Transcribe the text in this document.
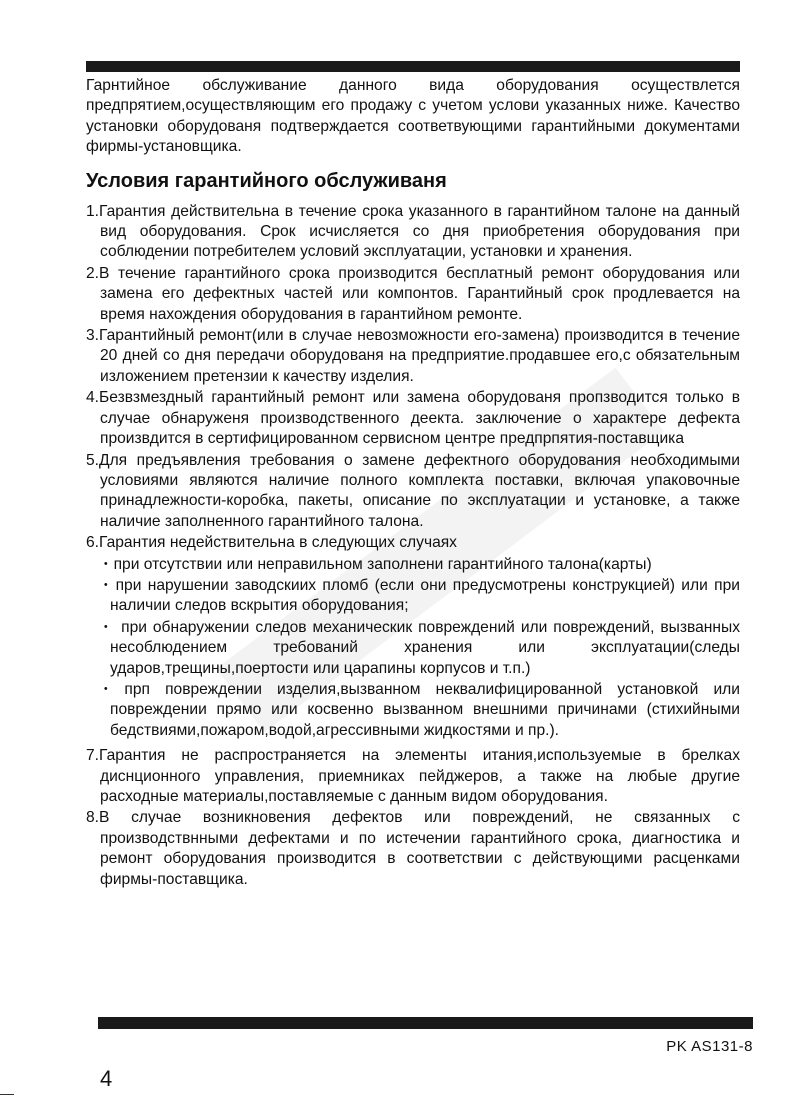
Гарнтийное обслуживание данного вида оборудования осуществлется предпрятием,осуществляющим его продажу с учетом услови указанных ниже. Качество установки оборудованя подтверждается соответвующими гарантийными документами фирмы-установщика.

Условия гарантийного обслуживаня
1.Гарантия действительна в течение срока указанного в гарантийном талоне на данный вид оборудования. Срок исчисляется со дня приобретения оборудования при соблюдении потребителем условий эксплуатации, установки и хранения.
2.В течение гарантийного срока производится бесплатный ремонт оборудования или замена его дефектных частей или компонтов. Гарантийный срок продлевается на время нахождения оборудования в гарантийном ремонте.
3.Гарантийный ремонт(или в случае невозможности его-замена) производится в течение 20 дней со дня передачи оборудованя на предприятие.продавшее его,с обязательным изложением претензии к качеству изделия.
4.Безвзмездный гарантийный ремонт или замена оборудованя пропзводится только в случае обнаруженя производственного деекта. заключение о характере дефекта произвдится в сертифицированном сервисном центре предпрпятия-поставщика
5.Для предъявления требования о замене дефектного оборудования необходимыми условиями являются наличие полного комплекта поставки, включая упаковочные принадлежности-коробка, пакеты, описание по эксплуатации и установке, а также наличие заполненного гарантийного талона.
6.Гарантия недействительна в следующих случаях
・при отсутствии или неправильном заполнени гарантийного талона(карты)
・при нарушении заводскиих пломб (если они предусмотрены конструкцией) или при наличии следов вскрытия оборудования;
・ при обнаружении следов механическик повреждений или повреждений, вызванных несоблюдением требований хранения или эксплуатации(следы ударов,трещины,поертости или царапины корпусов и т.п.)
・прп повреждении изделия,вызванном неквалифицированной установкой или повреждении прямо или косвенно вызванном внешними причинами (стихийными бедствиями,пожаром,водой,агрессивными жидкостями и пр.).
7.Гарантия не распространяется на элементы итания,используемые в брелках диснционного управления, приемниках пейджеров, а также на любые другие расходные материалы,поставляемые с данным видом оборудования.
8.В случае возникновения дефектов или повреждений, не связанных с производствнными дефектами и по истечении гарантийного срока, диагностика и ремонт оборудования производится в соответствии с действующими расценками фирмы-поставщика.
PK AS131-8
4
